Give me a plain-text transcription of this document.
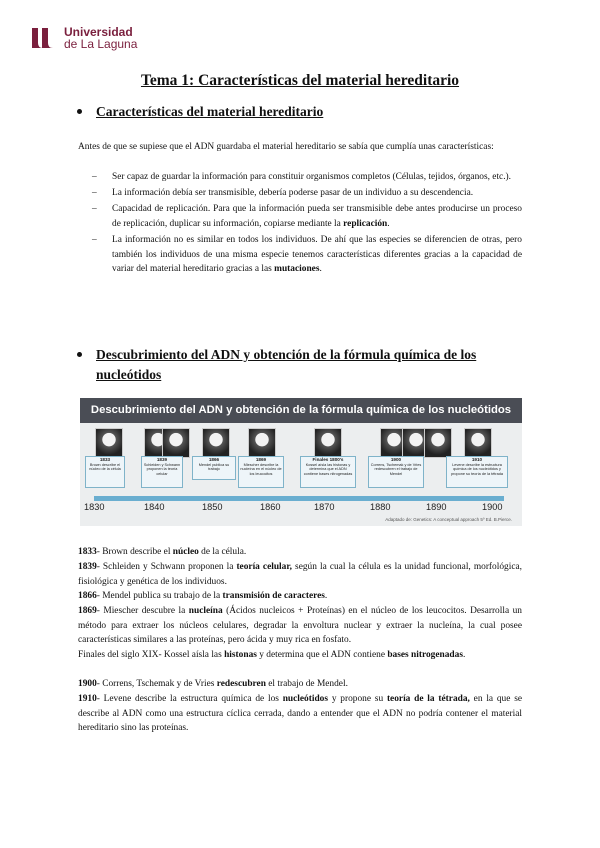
Universidad
de La Laguna
Tema 1: Características del material hereditario
Características del material hereditario
Antes de que se supiese que el ADN guardaba el material hereditario se sabía que cumplía unas características:
– Ser capaz de guardar la información para constituir organismos completos (Células, tejidos, órganos, etc.).
– La información debía ser transmisible, debería poderse pasar de un individuo a su descendencia.
– Capacidad de replicación. Para que la información pueda ser transmisible debe antes producirse un proceso de replicación, duplicar su información, copiarse mediante la replicación.
– La información no es similar en todos los individuos. De ahí que las especies se diferencien de otras, pero también los individuos de una misma especie tenemos características diferentes gracias a la capacidad de variar del material hereditario gracias a las mutaciones.
Descubrimiento del ADN y obtención de la fórmula química de los
nucleótidos
Descubrimiento del ADN y obtención de la fórmula química de los nucleótidos
1833
Brown describe el núcleo de la célula
1839
Schleiden y Schwann proponen la teoría celular
1866
Mendel publica su trabajo
1869
Miescher describe la nucleína en el núcleo de los leucocitos
Finales 1800's
Kossel aísla las histonas y determina que el ADN contiene bases nitrogenadas
1900
Correns, Tschemak y de Vries redescubren el trabajo de Mendel
1910
Levene describe la estructura química de los nucleótidos y propone su teoría de la tétrada
1830	1840	1850	1860	1870	1880	1890	1900
Adaptado de: Genetics: A conceptual approach 5º Ed. B.Pierce.
1833- Brown describe el núcleo de la célula.
1839- Schleiden y Schwann proponen la teoría celular, según la cual la célula es la unidad funcional, morfológica, fisiológica y genética de los individuos.
1866- Mendel publica su trabajo de la transmisión de caracteres.
1869- Miescher descubre la nucleína (Ácidos nucleicos + Proteínas) en el núcleo de los leucocitos. Desarrolla un método para extraer los núcleos celulares, degradar la envoltura nuclear y extraer la nucleína, la cual posee características similares a las proteínas, pero ácida y muy rica en fosfato.
Finales del siglo XIX- Kossel aísla las histonas y determina que el ADN contiene bases nitrogenadas.
1900- Correns, Tschemak y de Vries redescubren el trabajo de Mendel.
1910- Levene describe la estructura química de los nucleótidos y propone su teoría de la tétrada, en la que se describe al ADN como una estructura cíclica cerrada, dando a entender que el ADN no podría contener el material hereditario sino las proteínas.
